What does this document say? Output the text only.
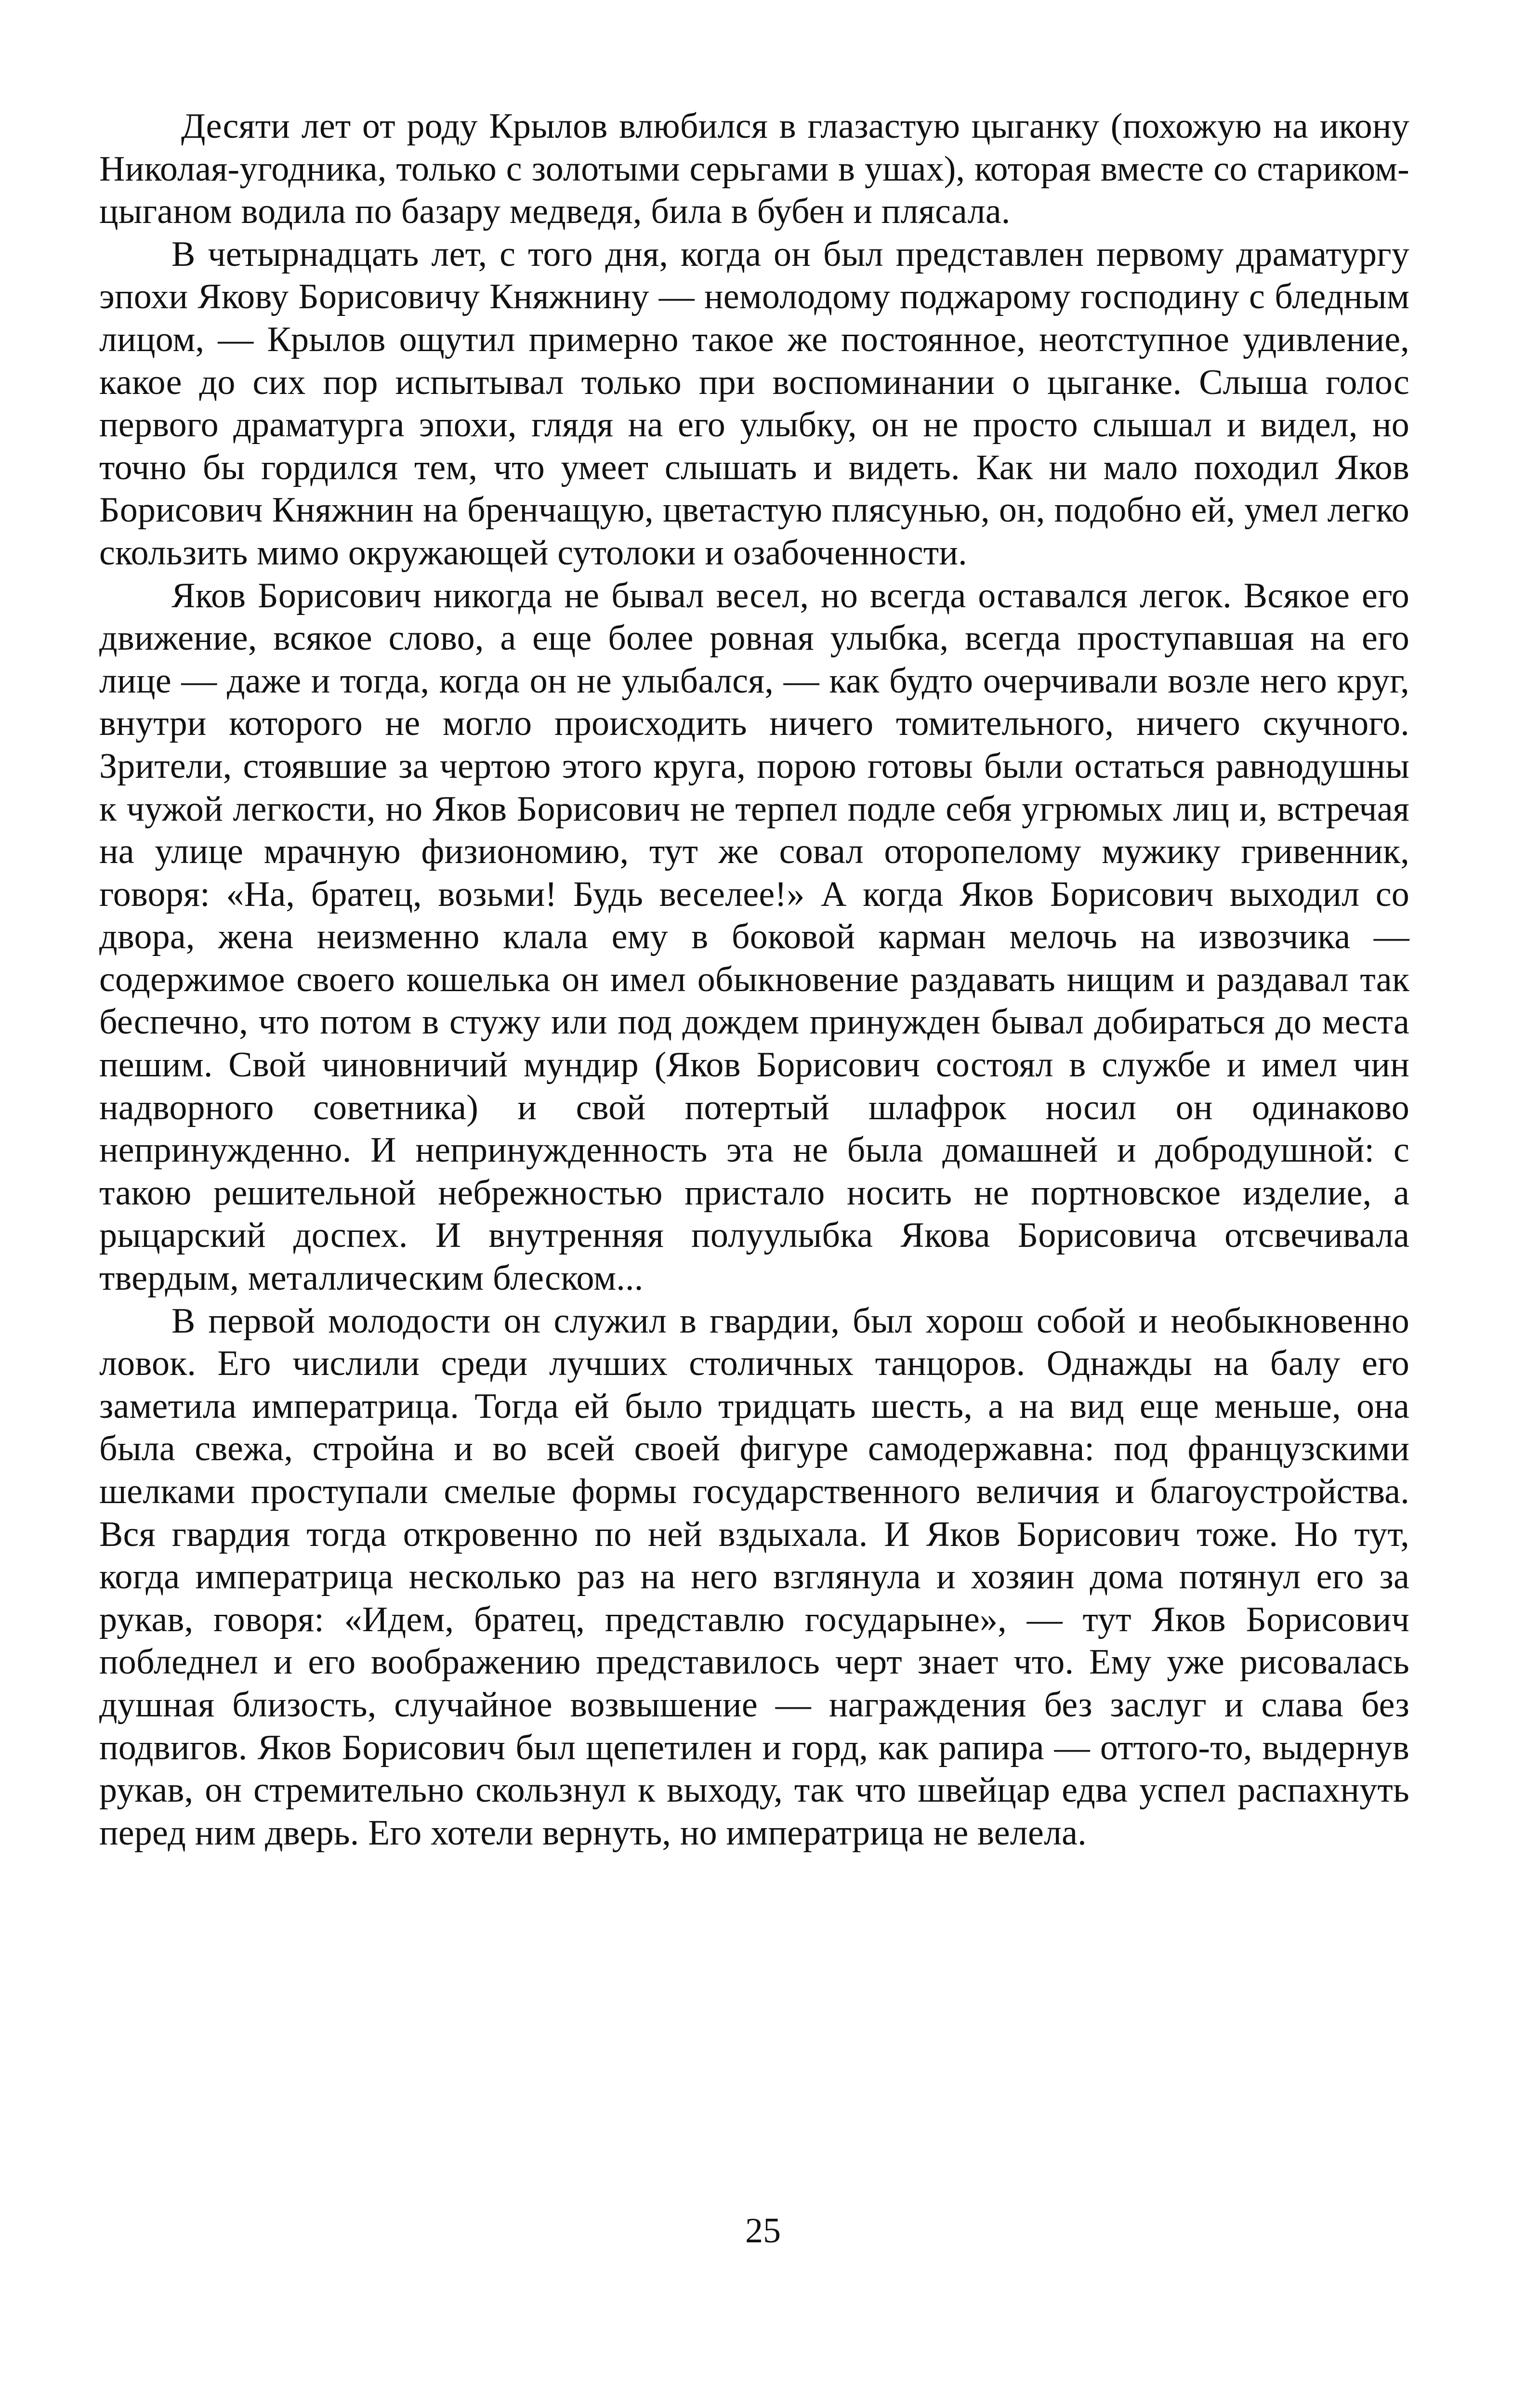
Десяти лет от роду Крылов влюбился в глазастую цыганку (похожую на икону Николая-угодника, только с золотыми серьгами в ушах), которая вместе со стариком-цыганом водила по базару медведя, била в бубен и плясала.

В четырнадцать лет, с того дня, когда он был представлен первому драматургу эпохи Якову Борисовичу Княжнину — немолодому поджарому господину с бледным лицом, — Крылов ощутил примерно такое же постоянное, неотступное удивление, какое до сих пор испытывал только при воспоминании о цыганке. Слыша голос первого драматурга эпохи, глядя на его улыбку, он не просто слышал и видел, но точно бы гордился тем, что умеет слышать и видеть. Как ни мало походил Яков Борисович Княжнин на бренчащую, цветастую плясунью, он, подобно ей, умел легко скользить мимо окружающей сутолоки и озабоченности.

Яков Борисович никогда не бывал весел, но всегда оставался легок. Всякое его движение, всякое слово, а еще более ровная улыбка, всегда проступавшая на его лице — даже и тогда, когда он не улыбался, — как будто очерчивали возле него круг, внутри которого не могло происходить ничего томительного, ничего скучного. Зрители, стоявшие за чертою этого круга, порою готовы были остаться равнодушны к чужой легкости, но Яков Борисович не терпел подле себя угрюмых лиц и, встречая на улице мрачную физиономию, тут же совал оторопелому мужику гривенник, говоря: «На, братец, возьми! Будь веселее!» А когда Яков Борисович выходил со двора, жена неизменно клала ему в боковой карман мелочь на извозчика — содержимое своего кошелька он имел обыкновение раздавать нищим и раздавал так беспечно, что потом в стужу или под дождем принужден бывал добираться до места пешим. Свой чиновничий мундир (Яков Борисович состоял в службе и имел чин надворного советника) и свой потертый шлафрок носил он одинаково непринужденно. И непринужденность эта не была домашней и добродушной: с такою решительной небрежностью пристало носить не портновское изделие, а рыцарский доспех. И внутренняя полуулыбка Якова Борисовича отсвечивала твердым, металлическим блеском...

В первой молодости он служил в гвардии, был хорош собой и необыкновенно ловок. Его числили среди лучших столичных танцоров. Однажды на балу его заметила императрица. Тогда ей было тридцать шесть, а на вид еще меньше, она была свежа, стройна и во всей своей фигуре самодержавна: под французскими шелками проступали смелые формы государственного величия и благоустройства. Вся гвардия тогда откровенно по ней вздыхала. И Яков Борисович тоже. Но тут, когда императрица несколько раз на него взглянула и хозяин дома потянул его за рукав, говоря: «Идем, братец, представлю государыне», — тут Яков Борисович побледнел и его воображению представилось черт знает что. Ему уже рисовалась душная близость, случайное возвышение — награждения без заслуг и слава без подвигов. Яков Борисович был щепетилен и горд, как рапира — оттого-то, выдернув рукав, он стремительно скользнул к выходу, так что швейцар едва успел распахнуть перед ним дверь. Его хотели вернуть, но императрица не велела.

25
